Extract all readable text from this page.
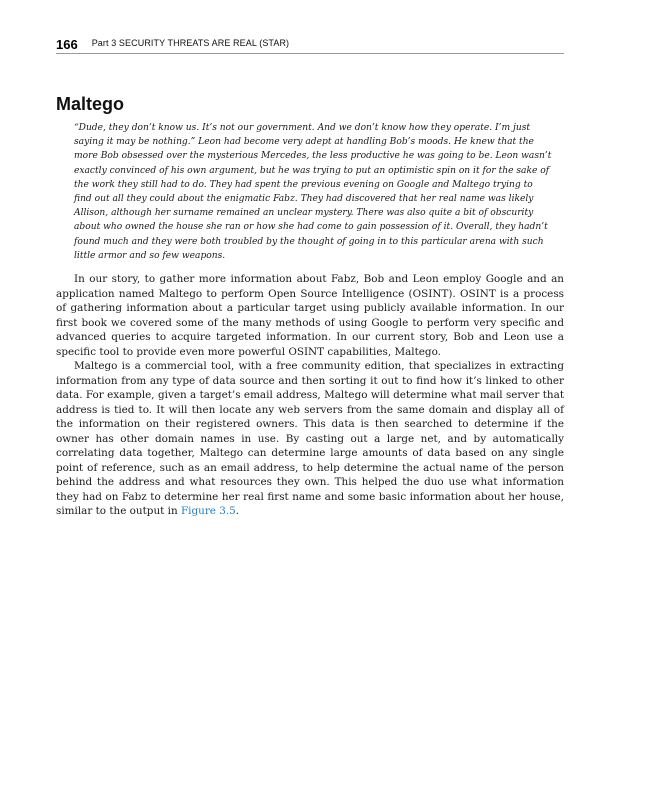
166 Part 3 SECURITY THREATS ARE REAL (STAR)
Maltego

“Dude, they don’t know us. It’s not our government. And we don’t know how they operate. I’m just saying it may be nothing.” Leon had become very adept at handling Bob’s moods. He knew that the more Bob obsessed over the mysterious Mercedes, the less productive he was going to be. Leon wasn’t exactly convinced of his own argument, but he was trying to put an optimistic spin on it for the sake of the work they still had to do. They had spent the previous evening on Google and Maltego trying to find out all they could about the enigmatic Fabz. They had discovered that her real name was likely Allison, although her surname remained an unclear mystery. There was also quite a bit of obscurity about who owned the house she ran or how she had come to gain possession of it. Overall, they hadn’t found much and they were both troubled by the thought of going in to this particular arena with such little armor and so few weapons.

In our story, to gather more information about Fabz, Bob and Leon employ Google and an application named Maltego to perform Open Source Intelligence (OSINT). OSINT is a process of gathering information about a particular target using publicly available information. In our first book we covered some of the many methods of using Google to perform very specific and advanced queries to acquire targeted information. In our current story, Bob and Leon use a specific tool to provide even more powerful OSINT capabilities, Maltego.

Maltego is a commercial tool, with a free community edition, that specializes in extracting information from any type of data source and then sorting it out to find how it’s linked to other data. For example, given a target’s email address, Maltego will determine what mail server that address is tied to. It will then locate any web servers from the same domain and display all of the information on their registered owners. This data is then searched to determine if the owner has other domain names in use. By casting out a large net, and by automatically correlating data together, Maltego can determine large amounts of data based on any single point of reference, such as an email address, to help determine the actual name of the person behind the address and what resources they own. This helped the duo use what information they had on Fabz to determine her real first name and some basic information about her house, similar to the output in Figure 3.5.
